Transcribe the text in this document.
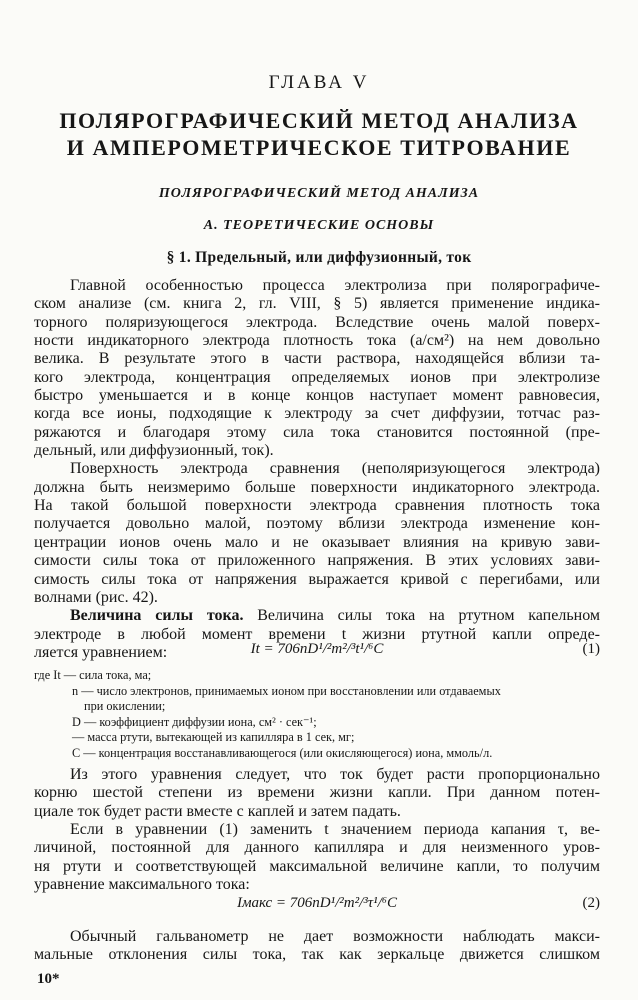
ГЛАВА V
ПОЛЯРОГРАФИЧЕСКИЙ МЕТОД АНАЛИЗА
И АМПЕРОМЕТРИЧЕСКОЕ ТИТРОВАНИЕ
ПОЛЯРОГРАФИЧЕСКИЙ МЕТОД АНАЛИЗА
А. ТЕОРЕТИЧЕСКИЕ ОСНОВЫ
§ 1. Предельный, или диффузионный, ток
Главной особенностью процесса электролиза при полярографиче-
ском анализе (см. книга 2, гл. VIII, § 5) является применение индика-
торного поляризующегося электрода. Вследствие очень малой поверх-
ности индикаторного электрода плотность тока (а/см²) на нем довольно
велика. В результате этого в части раствора, находящейся вблизи та-
кого электрода, концентрация определяемых ионов при электролизе
быстро уменьшается и в конце концов наступает момент равновесия,
когда все ионы, подходящие к электроду за счет диффузии, тотчас раз-
ряжаются и благодаря этому сила тока становится постоянной (пре-
дельный, или диффузионный, ток).
Поверхность электрода сравнения (неполяризующегося электрода)
должна быть неизмеримо больше поверхности индикаторного электрода.
На такой большой поверхности электрода сравнения плотность тока
получается довольно малой, поэтому вблизи электрода изменение кон-
центрации ионов очень мало и не оказывает влияния на кривую зави-
симости силы тока от приложенного напряжения. В этих условиях зави-
симость силы тока от напряжения выражается кривой с перегибами, или
волнами (рис. 42).
Величина силы тока. Величина силы тока на ртутном капельном
электроде в любой момент времени t жизни ртутной капли опреде-
ляется уравнением:	It = 706nD¹/²m²/³t¹/⁶C	(1)
где It — сила тока, ма;
n — число электронов, принимаемых ионом при восстановлении или отдаваемых
при окислении;
D — коэффициент диффузии иона, см² · сек⁻¹;
— масса ртути, вытекающей из капилляра в 1 сек, мг;
C — концентрация восстанавливающегося (или окисляющегося) иона, ммоль/л.
Из этого уравнения следует, что ток будет расти пропорционально
корню шестой степени из времени жизни капли. При данном потен-
циале ток будет расти вместе с каплей и затем падать.
Если в уравнении (1) заменить t значением периода капания τ, ве-
личиной, постоянной для данного капилляра и для неизменного уров-
ня ртути и соответствующей максимальной величине капли, то получим
уравнение максимального тока:
Iмакс = 706nD¹/²m²/³τ¹/⁶C	(2)
Обычный гальванометр не дает возможности наблюдать макси-
мальные отклонения силы тока, так как зеркальце движется слишком
10*
